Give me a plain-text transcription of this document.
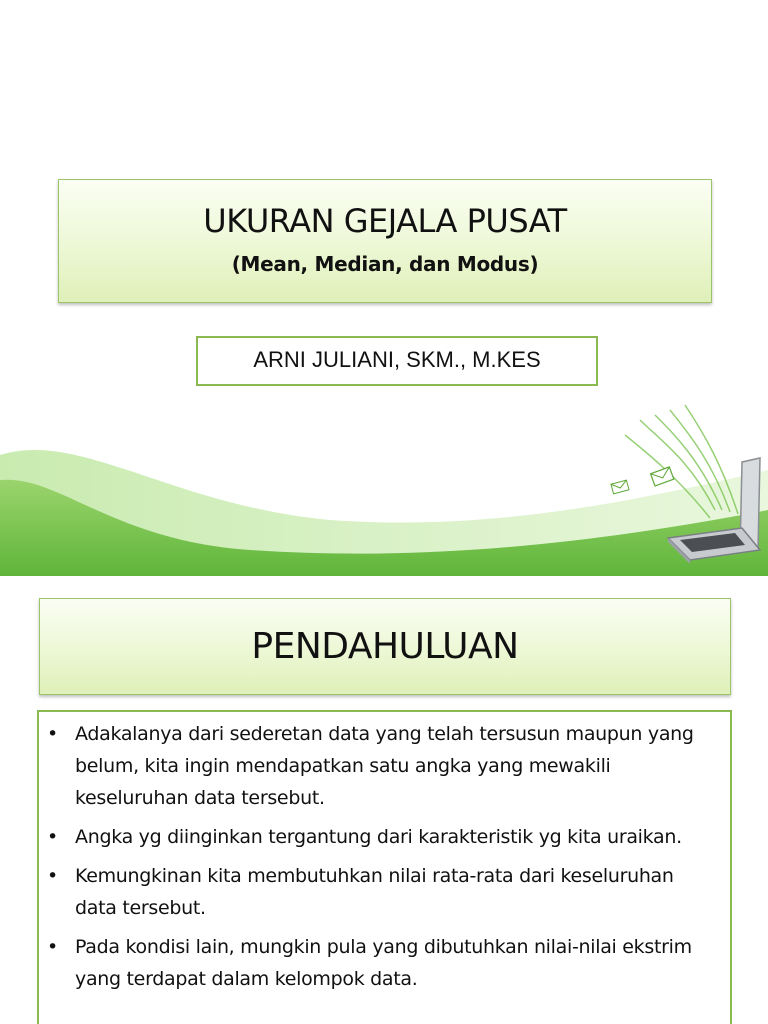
UKURAN GEJALA PUSAT
(Mean, Median, dan Modus)
ARNI JULIANI, SKM., M.KES
PENDAHULUAN
• Adakalanya dari sederetan data yang telah tersusun maupun yang belum, kita ingin mendapatkan satu angka yang mewakili keseluruhan data tersebut.
• Angka yg diinginkan tergantung dari karakteristik yg kita uraikan.
• Kemungkinan kita membutuhkan nilai rata-rata dari keseluruhan data tersebut.
• Pada kondisi lain, mungkin pula yang dibutuhkan nilai-nilai ekstrim yang terdapat dalam kelompok data.
